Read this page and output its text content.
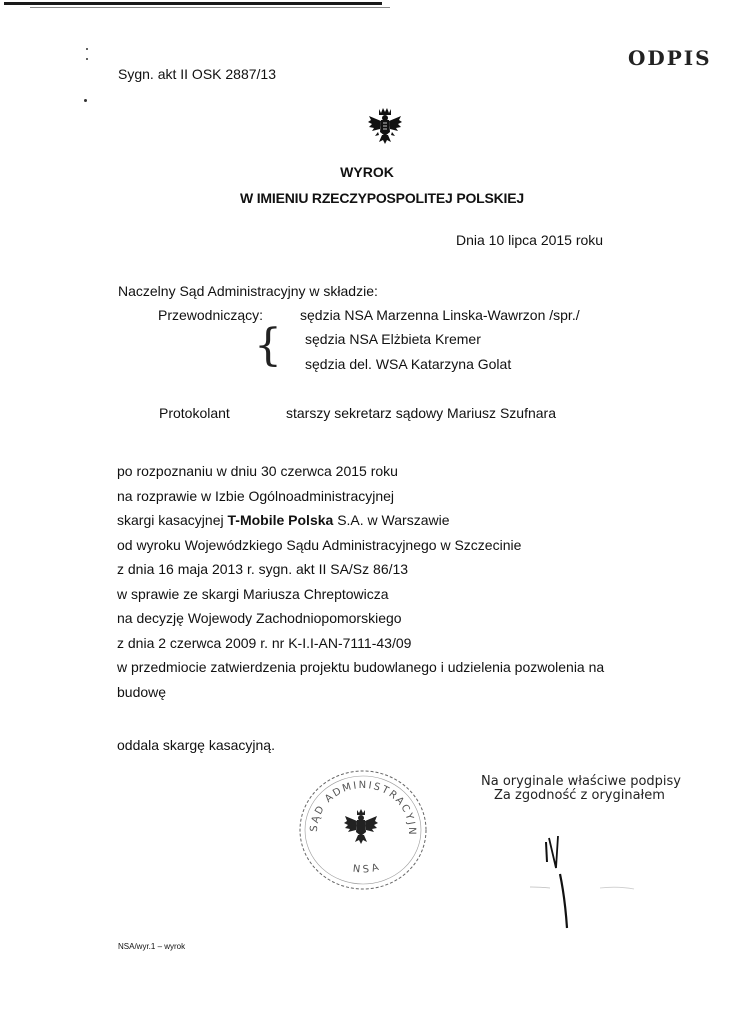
Sygn. akt II OSK 2887/13
ODPIS
WYROK
W IMIENIU RZECZYPOSPOLITEJ POLSKIEJ
Dnia 10 lipca 2015 roku
Naczelny Sąd Administracyjny w składzie:
Przewodniczący:	sędzia NSA Marzenna Linska-Wawrzon /spr./
{ sędzia NSA Elżbieta Kremer
sędzia del. WSA Katarzyna Golat
Protokolant	starszy sekretarz sądowy Mariusz Szufnara
po rozpoznaniu w dniu 30 czerwca 2015 roku
na rozprawie w Izbie Ogólnoadministracyjnej
skargi kasacyjnej T-Mobile Polska S.A. w Warszawie
od wyroku Wojewódzkiego Sądu Administracyjnego w Szczecinie
z dnia 16 maja 2013 r. sygn. akt II SA/Sz 86/13
w sprawie ze skargi Mariusza Chreptowicza
na decyzję Wojewody Zachodniopomorskiego
z dnia 2 czerwca 2009 r. nr K-I.I-AN-7111-43/09
w przedmiocie zatwierdzenia projektu budowlanego i udzielenia pozwolenia na
budowę
oddala skargę kasacyjną.
SĄD ADMINISTRACYJN
NSA
Na oryginale właściwe podpisy
Za zgodność z oryginałem
NSA/wyr.1 – wyrok
